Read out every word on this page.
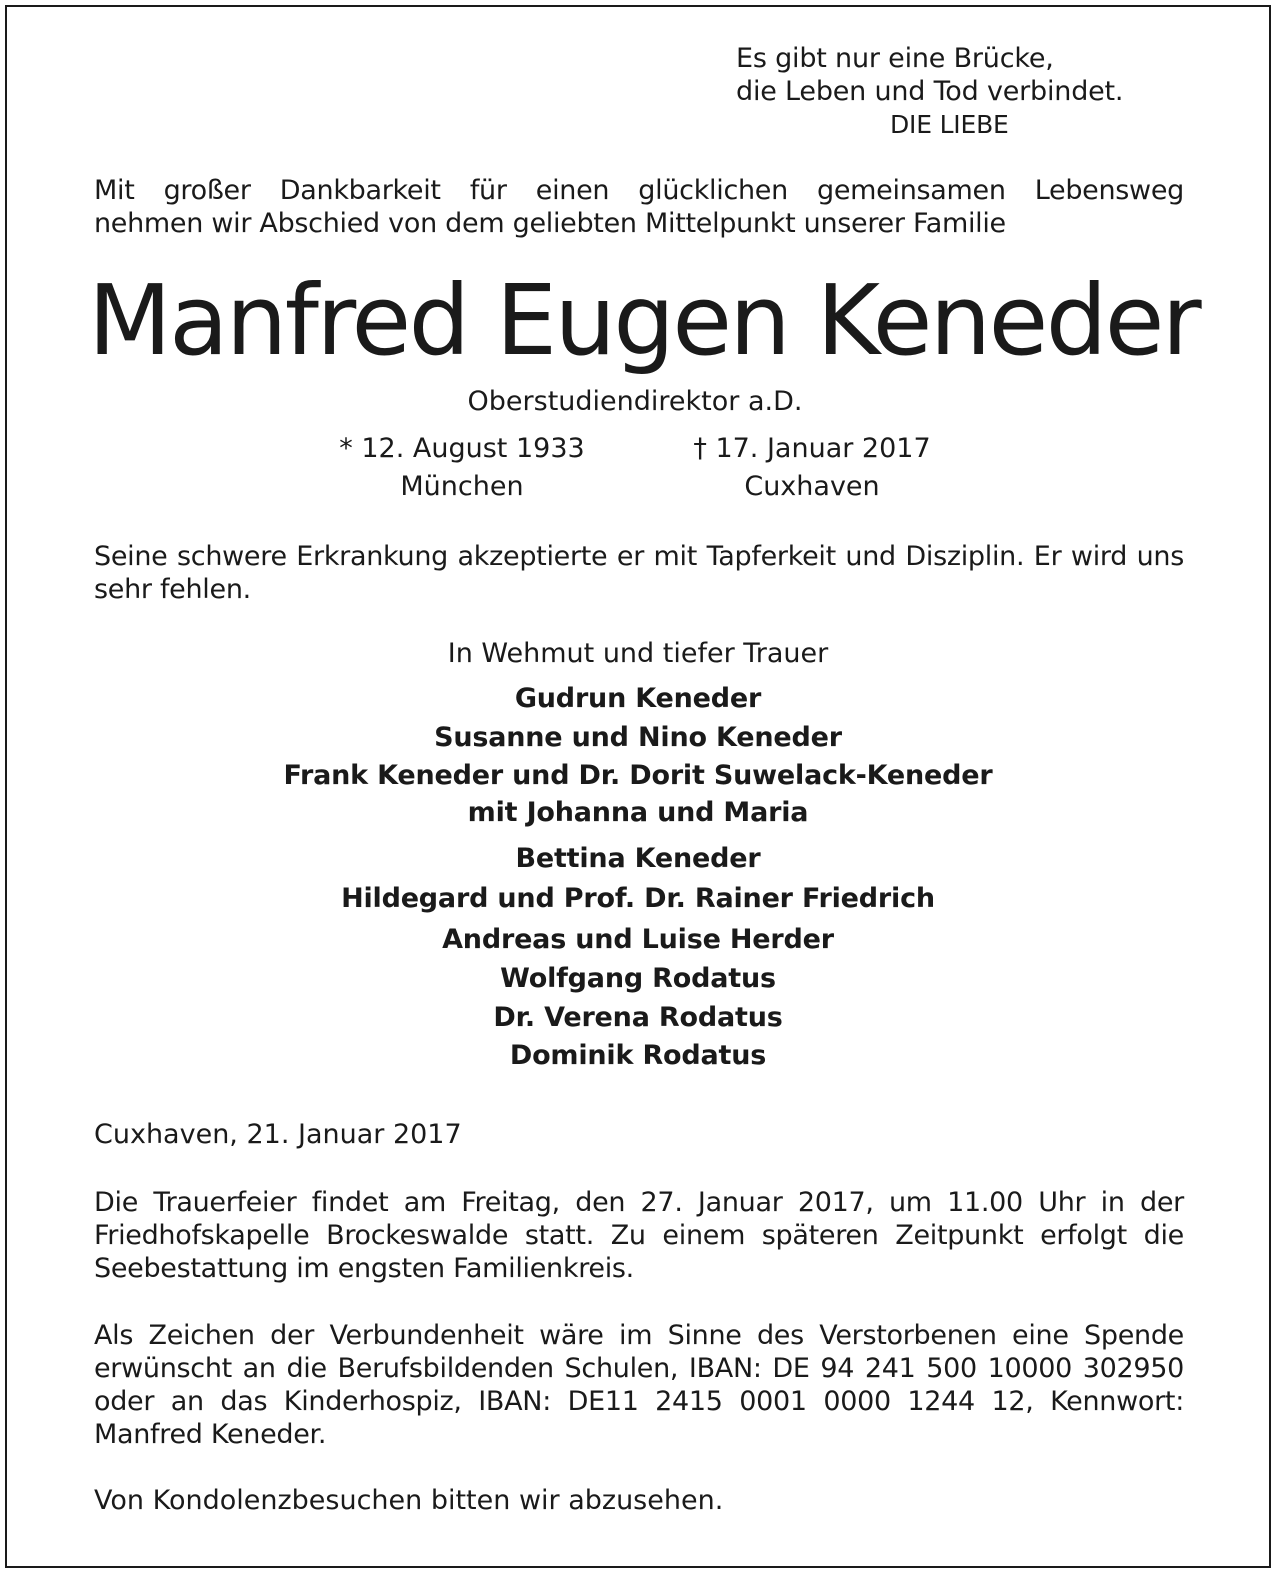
Es gibt nur eine Brücke,
die Leben und Tod verbindet.
DIE LIEBE
Mit großer Dankbarkeit für einen glücklichen gemeinsamen Lebensweg
nehmen wir Abschied von dem geliebten Mittelpunkt unserer Familie
Manfred Eugen Keneder
Oberstudiendirektor a.D.
* 12. August 1933
München
† 17. Januar 2017
Cuxhaven
Seine schwere Erkrankung akzeptierte er mit Tapferkeit und Disziplin. Er wird uns sehr fehlen.
In Wehmut und tiefer Trauer
Gudrun Keneder
Susanne und Nino Keneder
Frank Keneder und Dr. Dorit Suwelack-Keneder
mit Johanna und Maria
Bettina Keneder
Hildegard und Prof. Dr. Rainer Friedrich
Andreas und Luise Herder
Wolfgang Rodatus
Dr. Verena Rodatus
Dominik Rodatus
Cuxhaven, 21. Januar 2017
Die Trauerfeier findet am Freitag, den 27. Januar 2017, um 11.00 Uhr in der Friedhofskapelle Brockeswalde statt. Zu einem späteren Zeitpunkt erfolgt die Seebestattung im engsten Familienkreis.
Als Zeichen der Verbundenheit wäre im Sinne des Verstorbenen eine Spende erwünscht an die Berufsbildenden Schulen, IBAN: DE 94 241 500 10000 302950 oder an das Kinderhospiz, IBAN: DE11 2415 0001 0000 1244 12, Kennwort: Manfred Keneder.
Von Kondolenzbesuchen bitten wir abzusehen.
